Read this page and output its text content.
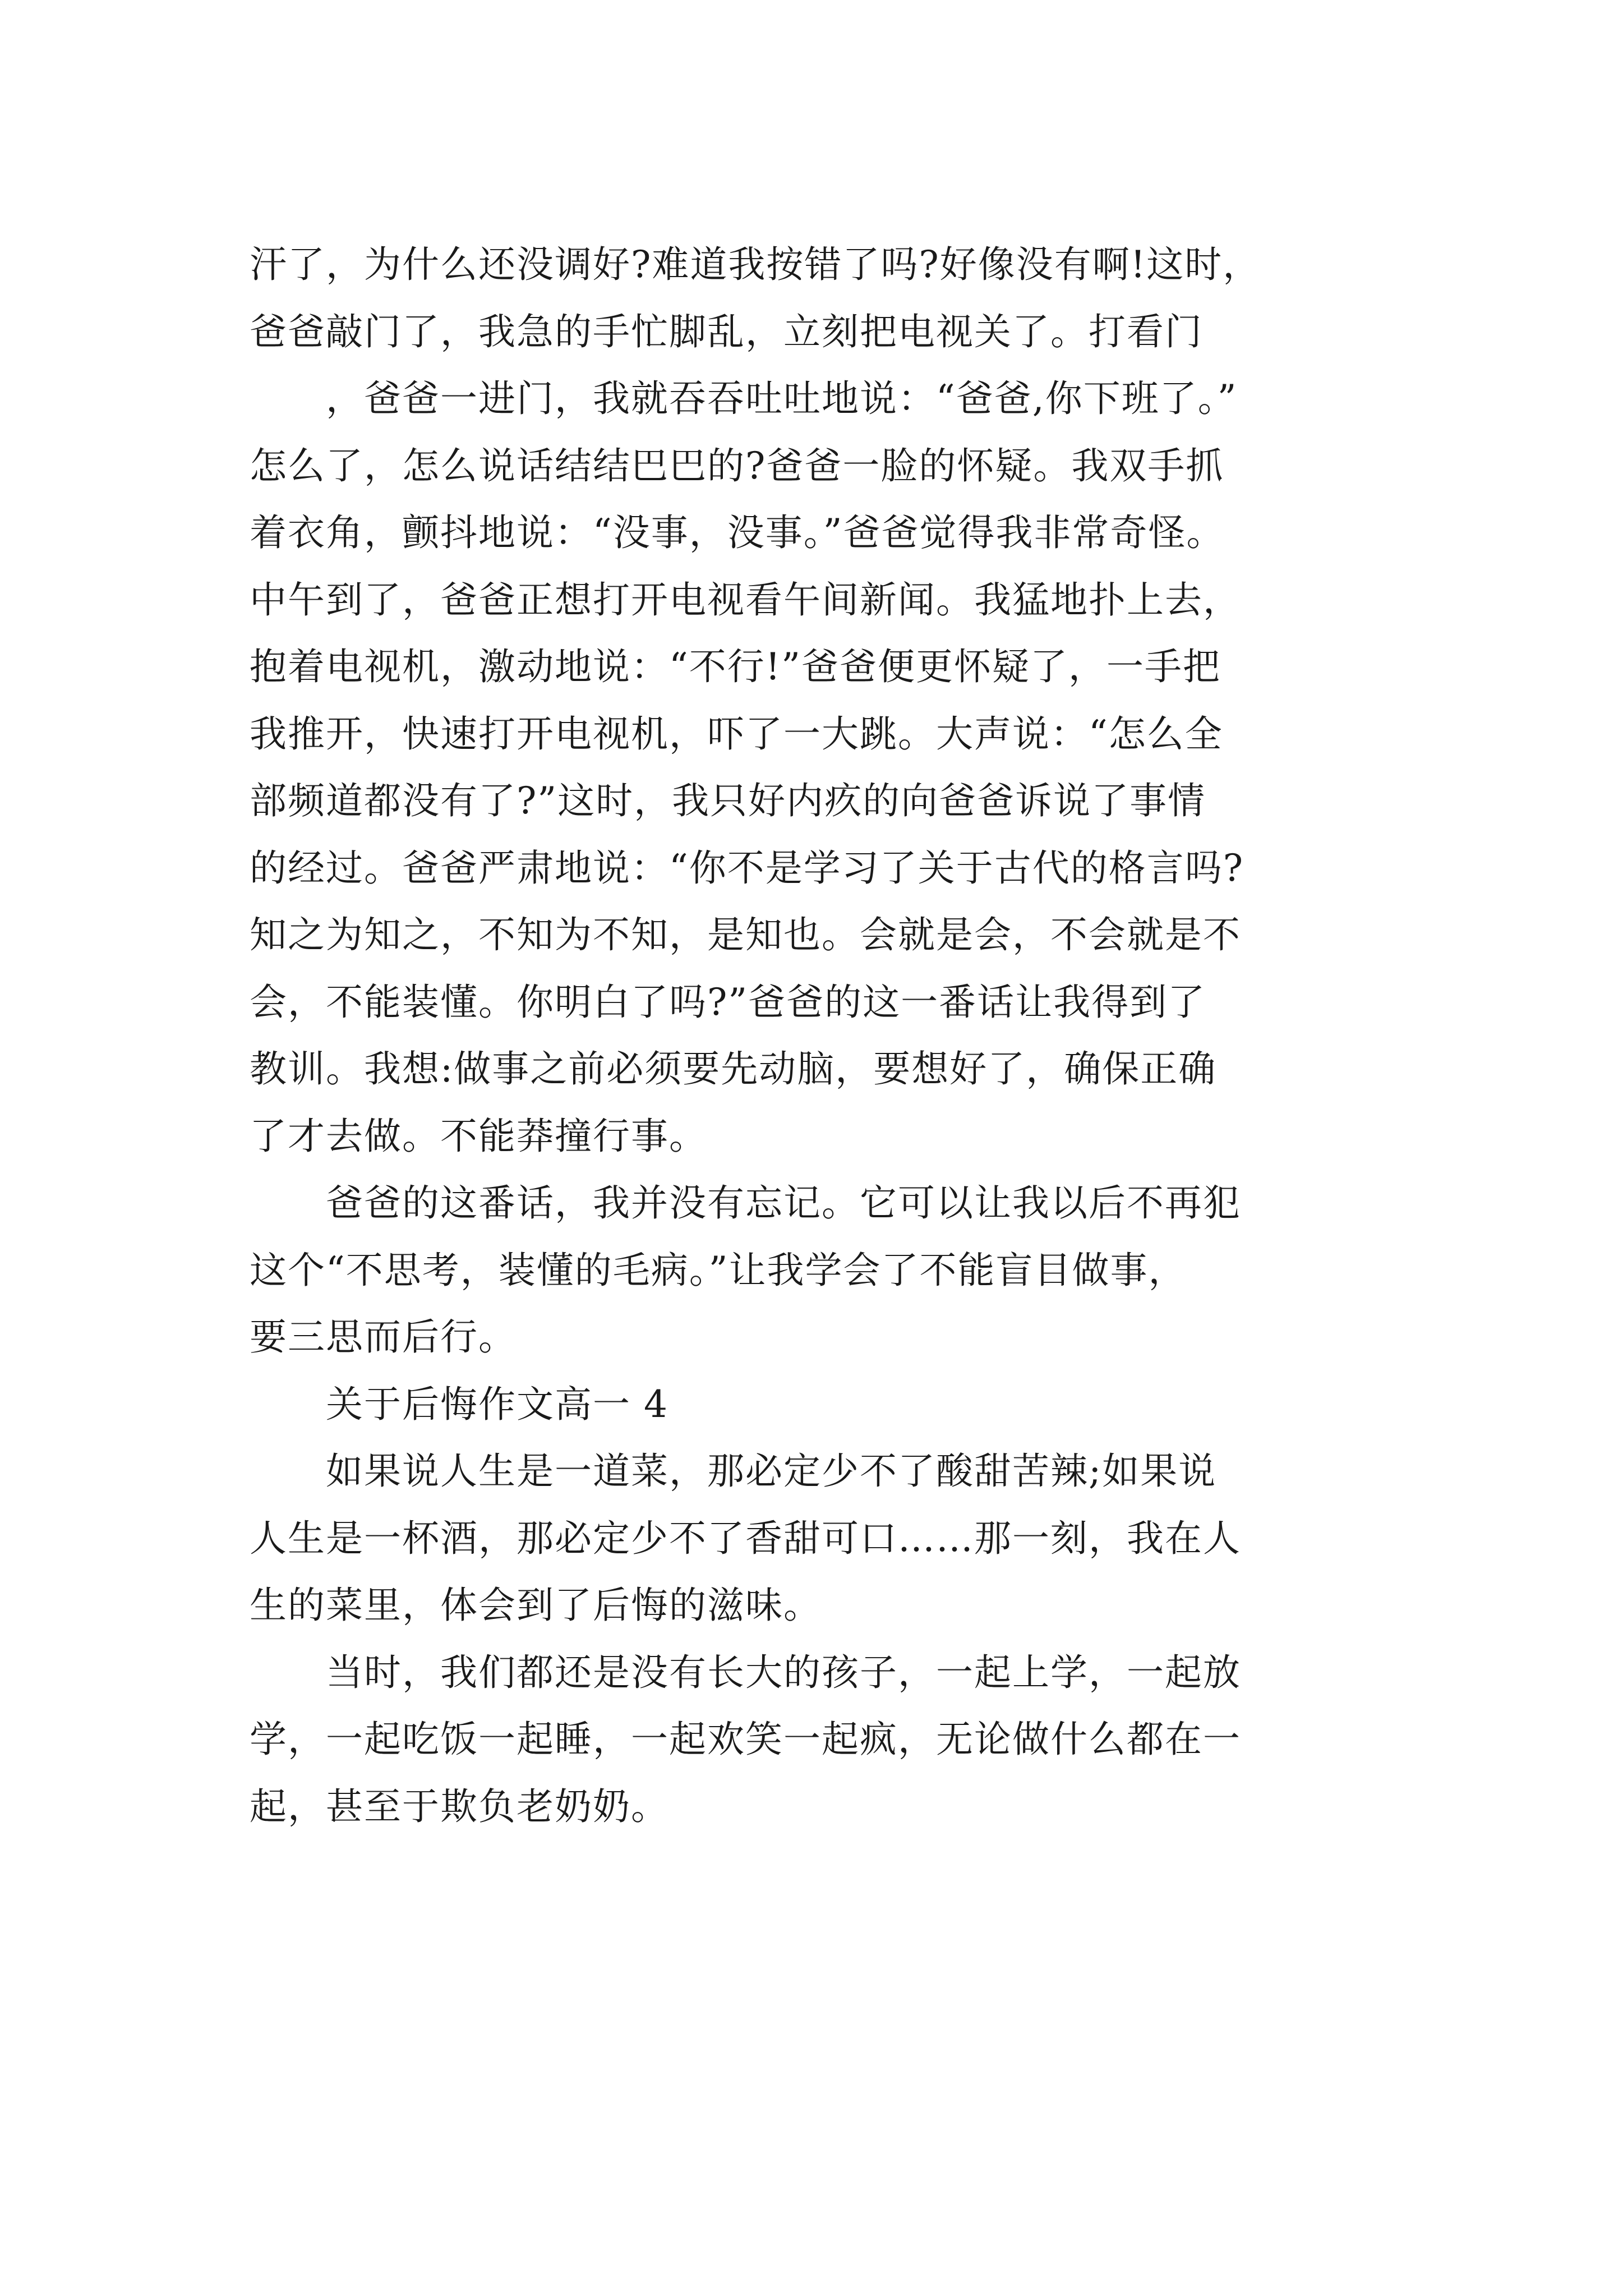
汗了，为什么还没调好?难道我按错了吗?好像没有啊!这时，
爸爸敲门了，我急的手忙脚乱，立刻把电视关了。打看门
　　，爸爸一进门，我就吞吞吐吐地说：“爸爸,你下班了。”
怎么了，怎么说话结结巴巴的?爸爸一脸的怀疑。我双手抓
着衣角，颤抖地说：“没事，没事。”爸爸觉得我非常奇怪。
中午到了，爸爸正想打开电视看午间新闻。我猛地扑上去，
抱着电视机，激动地说：“不行!”爸爸便更怀疑了，一手把
我推开，快速打开电视机，吓了一大跳。大声说：“怎么全
部频道都没有了?”这时，我只好内疚的向爸爸诉说了事情
的经过。爸爸严肃地说：“你不是学习了关于古代的格言吗?
知之为知之，不知为不知，是知也。会就是会，不会就是不
会，不能装懂。你明白了吗?”爸爸的这一番话让我得到了
教训。我想:做事之前必须要先动脑，要想好了，确保正确
了才去做。不能莽撞行事。
　　爸爸的这番话，我并没有忘记。它可以让我以后不再犯
这个“不思考，装懂的毛病。”让我学会了不能盲目做事，
要三思而后行。
　　关于后悔作文高一 4
　　如果说人生是一道菜，那必定少不了酸甜苦辣;如果说
人生是一杯酒，那必定少不了香甜可口……那一刻，我在人
生的菜里，体会到了后悔的滋味。
　　当时，我们都还是没有长大的孩子，一起上学，一起放
学，一起吃饭一起睡，一起欢笑一起疯，无论做什么都在一
起，甚至于欺负老奶奶。
